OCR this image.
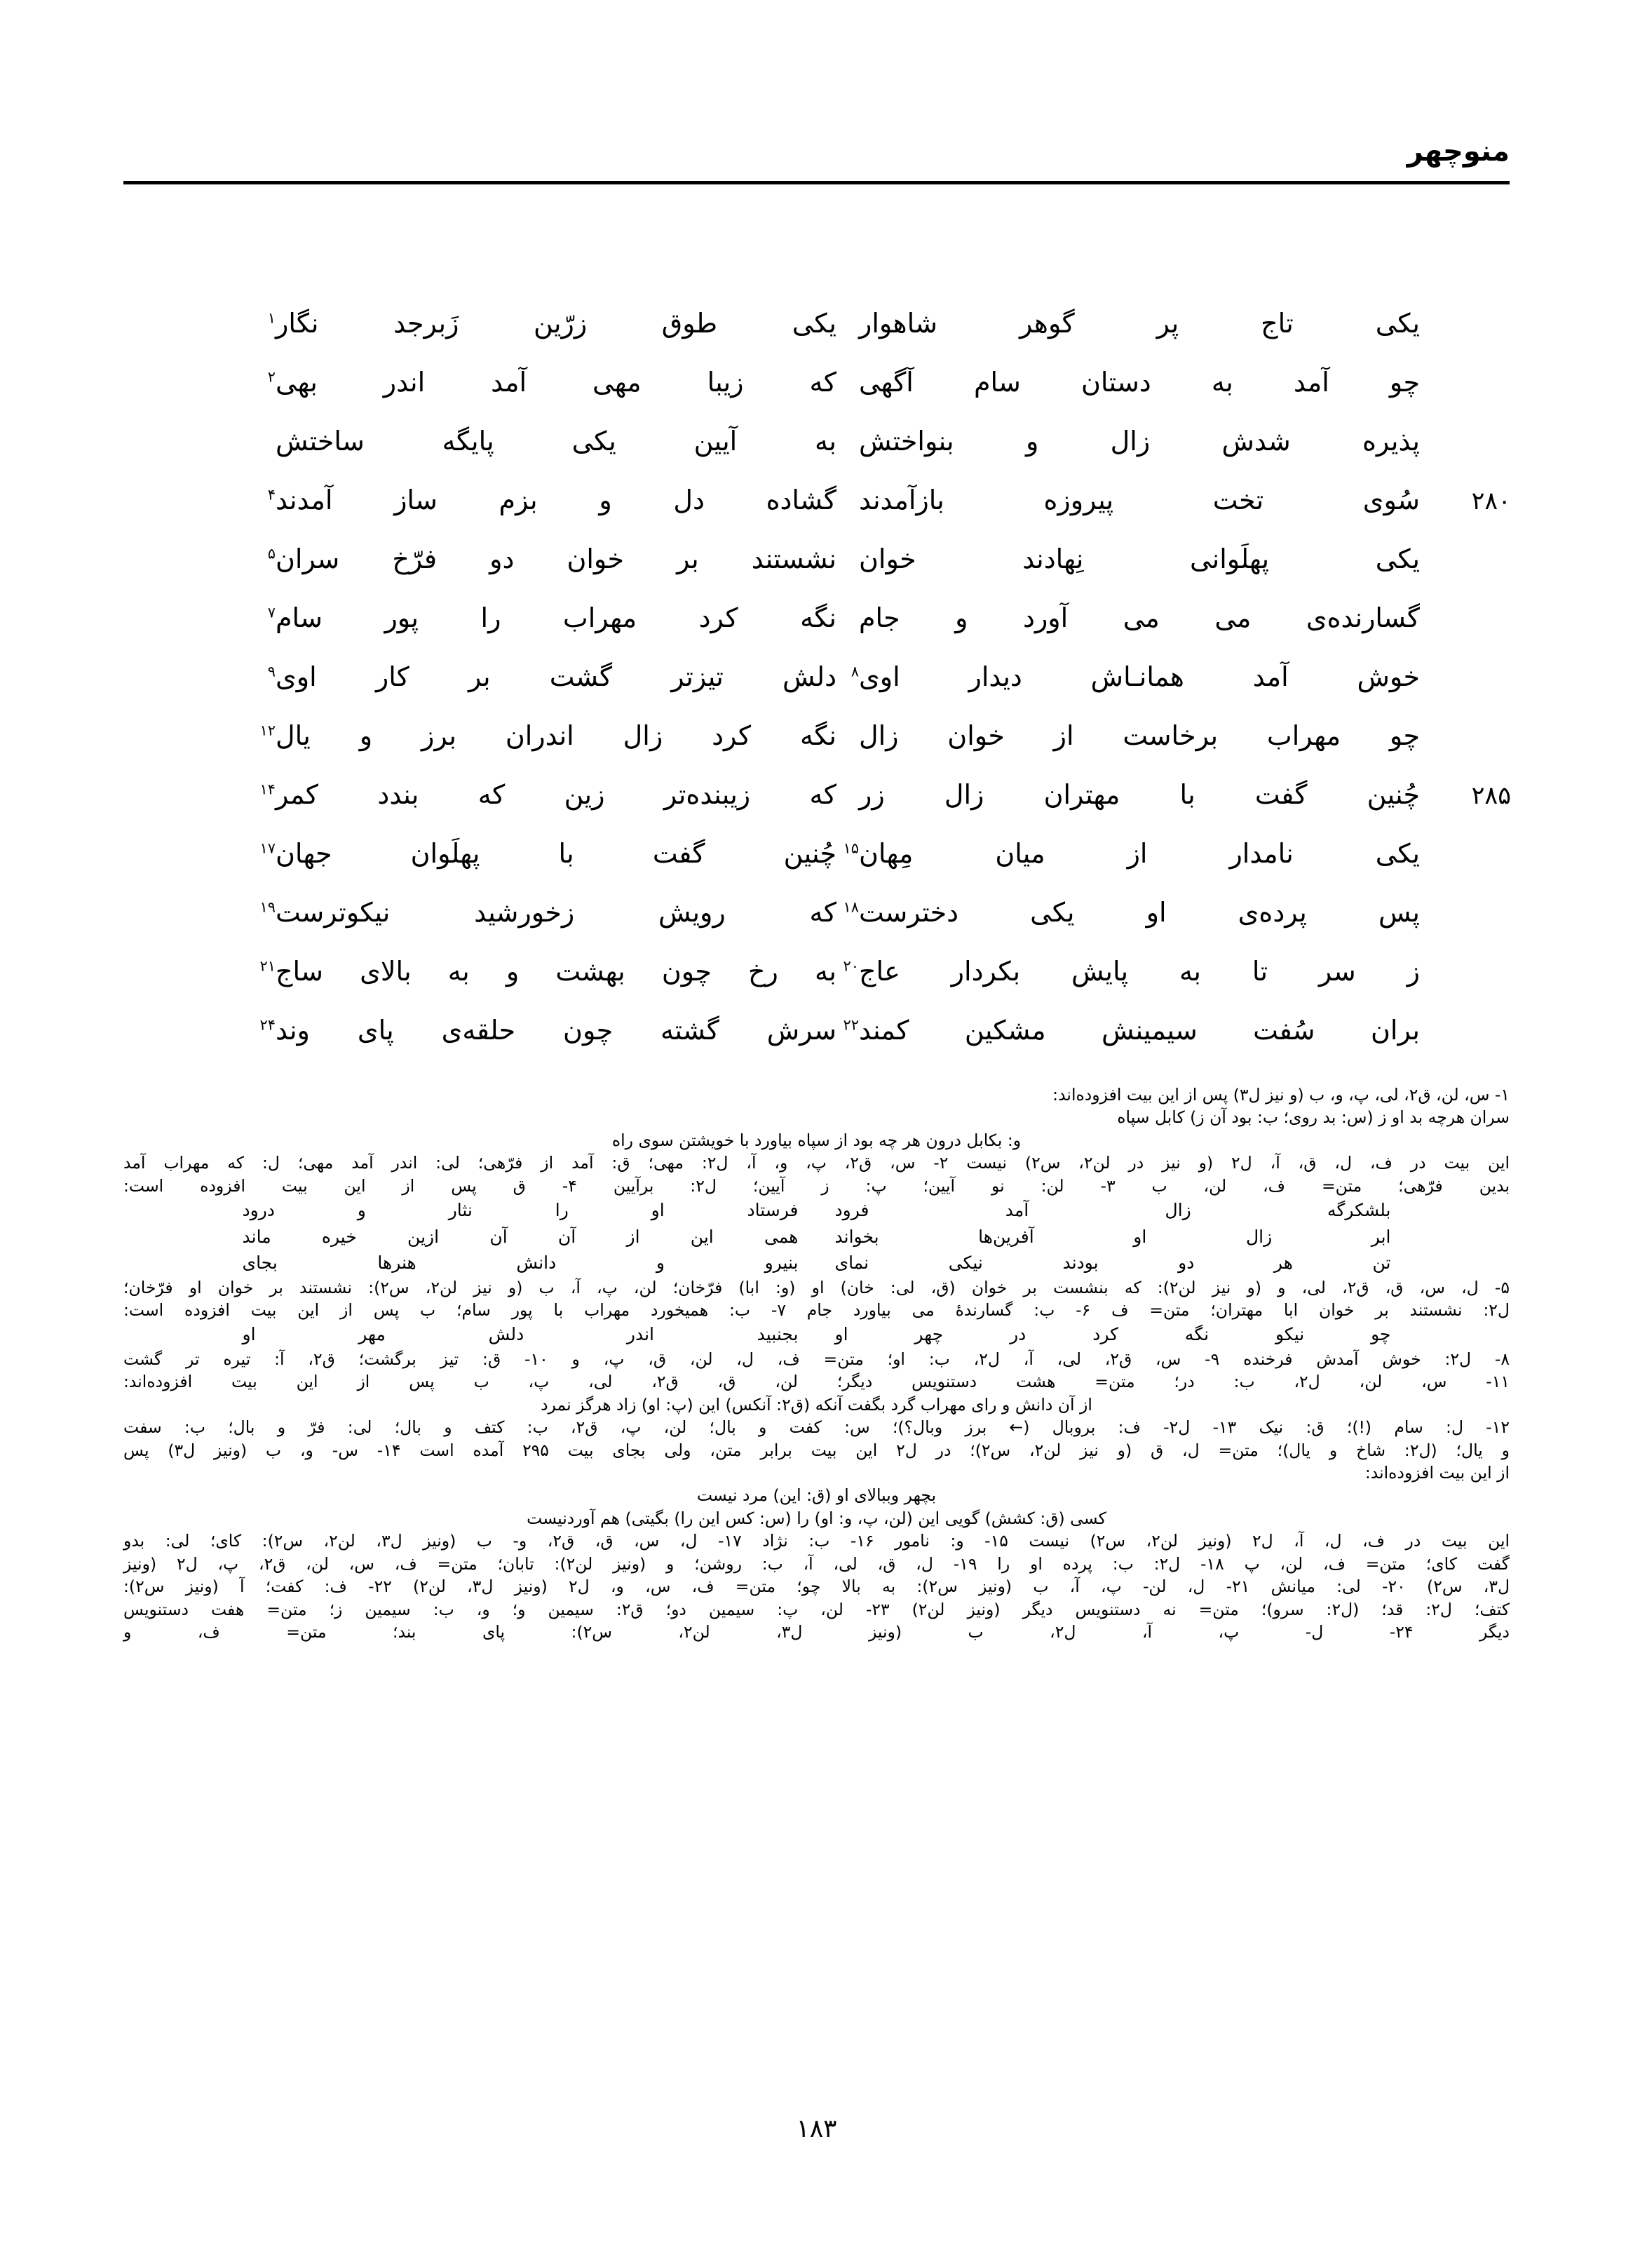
منوچهر
یکی تاج پر گوهر شاهوار
یکی طوق زرّین زَبرجد نگار$^۱$
چو آمد به دستان سام آگهی
که زیبا مهی آمد اندر بهی$^۲$
پذیره شدش زال و بنواختش
به آیین یکی پایگه ساختش
۲۸۰
سُوی تخت پیروزه بازآمدند
گشاده دل و بزم ساز آمدند$^۴$
یکی پهلَوانی نِهادند خوان
نشستند بر خوان دو فرّخ سران$^۵$
گسارنده‌ی می می آورد و جام
نگه کرد مهراب را پور سام$^۷$
خوش آمد همانـاش دیدار اوی$^۸$
دلش تیزتر گشت بر کار اوی$^۹$
چو مهراب برخاست از خوان زال
نگه کرد زال اندران برز و یال$^{۱۲}$
۲۸۵
چُنین گفت با مهتران زال زر
که زیبنده‌تر زین که بندد کمر$^{۱۴}$
یکی نامدار از میان مِهان$^{۱۵}$
چُنین گفت با پهلَوان جهان$^{۱۷}$
پس پرده‌ی او یکی دخترست$^{۱۸}$
که رویش زخورشید نیکوترست$^{۱۹}$
ز سر تا به پایش بکردار عاج$^{۲۰}$
به رخ چون بهشت و به بالای ساج$^{۲۱}$
بران سُفت سیمینش مشکین کمند$^{۲۲}$
سرش گشته چون حلقه‌ی پای وند$^{۲۴}$
۱- س، لن، ق۲، لی، پ، و، ب (و نیز ل۳) پس از این بیت افزوده‌اند:
سران هرچه بد او ز (س: بد روی؛ ب: بود آن ز) کابل سپاه
و: بکابل درون هر چه بود از سپاه بیاورد با خویشتن سوی راه
این بیت در ف، ل، ق، آ، ل۲ (و نیز در لن۲، س۲) نیست ۲- س، ق۲، پ، و، آ، ل۲: مهی؛ ق: آمد از فرّهی؛ لی: اندر آمد مهی؛ ل: که مهراب آمد
بدین فرّهی؛ متن= ف، لن، ب ۳- لن: نو آیین؛ پ: ز آیین؛ ل۲: برآیین ۴- ق پس از این بیت افزوده است:
بلشکرگه زال آمد فرود
فرستاد او را نثار و درود
ابر زال او آفرین‌ها بخواند
همی این از آن آن ازین خیره ماند
تن هر دو بودند نیکی نمای
بنیرو و دانش هنرها بجای
۵- ل، س، ق، ق۲، لی، و (و نیز لن۲): که بنشست بر خوان (ق، لی: خان) او (و: ابا) فرّخان؛ لن، پ، آ، ب (و نیز لن۲، س۲): نشستند بر خوان او فرّخان؛
ل۲: نشستند بر خوان ابا مهتران؛ متن= ف ۶- ب: گسارندهٔ می بیاورد جام ۷- ب: همیخورد مهراب با پور سام؛ ب پس از این بیت افزوده است:
چو نیکو نگه کرد در چهر او
بجنبید اندر دلش مهر او
۸- ل۲: خوش آمدش فرخنده ۹- س، ق۲، لی، آ، ل۲، ب: او؛ متن= ف، ل، لن، ق، پ، و ۱۰- ق: تیز برگشت؛ ق۲، آ: تیره تر گشت
۱۱- س، لن، ل۲، ب: در؛ متن= هشت دستنویس دیگر؛ لن، ق، ق۲، لی، پ، ب پس از این بیت افزوده‌اند:
از آن دانش و رای مهراب گرد بگفت آنکه (ق۲: آنکس) این (پ: او) زاد هرگز نمرد
۱۲- ل: سام (!)؛ ق: نیک ۱۳- ل۲- ف: بروبال (← برز وبال؟)؛ س: کفت و بال؛ لن، پ، ق۲، ب: کتف و بال؛ لی: فرّ و بال؛ ب: سفت
و یال؛ (ل۲: شاخ و یال)؛ متن= ل، ق (و نیز لن۲، س۲)؛ در ل۲ این بیت برابر متن، ولی بجای بیت ۲۹۵ آمده است ۱۴- س- و، ب (ونیز ل۳) پس
از این بیت افزوده‌اند:
بچهر وببالای او (ق: این) مرد نیست
کسی (ق: کشش) گویی این (لن، پ، و: او) را (س: کس این را) بگیتی) هم آوردنیست
این بیت در ف، ل، آ، ل۲ (ونیز لن۲، س۲) نیست ۱۵- و: نامور ۱۶- ب: نژاد ۱۷- ل، س، ق، ق۲، و- ب (ونیز ل۳، لن۲، س۲): کای؛ لی: بدو
گفت کای؛ متن= ف، لن، پ ۱۸- ل۲: ب: پرده او را ۱۹- ل، ق، لی، آ، ب: روشن؛ و (ونیز لن۲): تابان؛ متن= ف، س، لن، ق۲، پ، ل۲ (ونیز
ل۳، س۲) ۲۰- لی: میانش ۲۱- ل، لن- پ، آ، ب (ونیز س۲): به بالا چو؛ متن= ف، س، و، ل۲ (ونیز ل۳، لن۲) ۲۲- ف: کفت؛ آ (ونیز س۲):
کتف؛ ل۲: قد؛ (ل۲: سرو)؛ متن= نه دستنویس دیگر (ونیز لن۲) ۲۳- لن، پ: سیمین دو؛ ق۲: سیمین و؛ و، ب: سیمین ز؛ متن= هفت دستنویس
دیگر ۲۴- ل- پ، آ، ل۲، ب (ونیز ل۳، لن۲، س۲): پای بند؛ متن= ف، و
۱۸۳
